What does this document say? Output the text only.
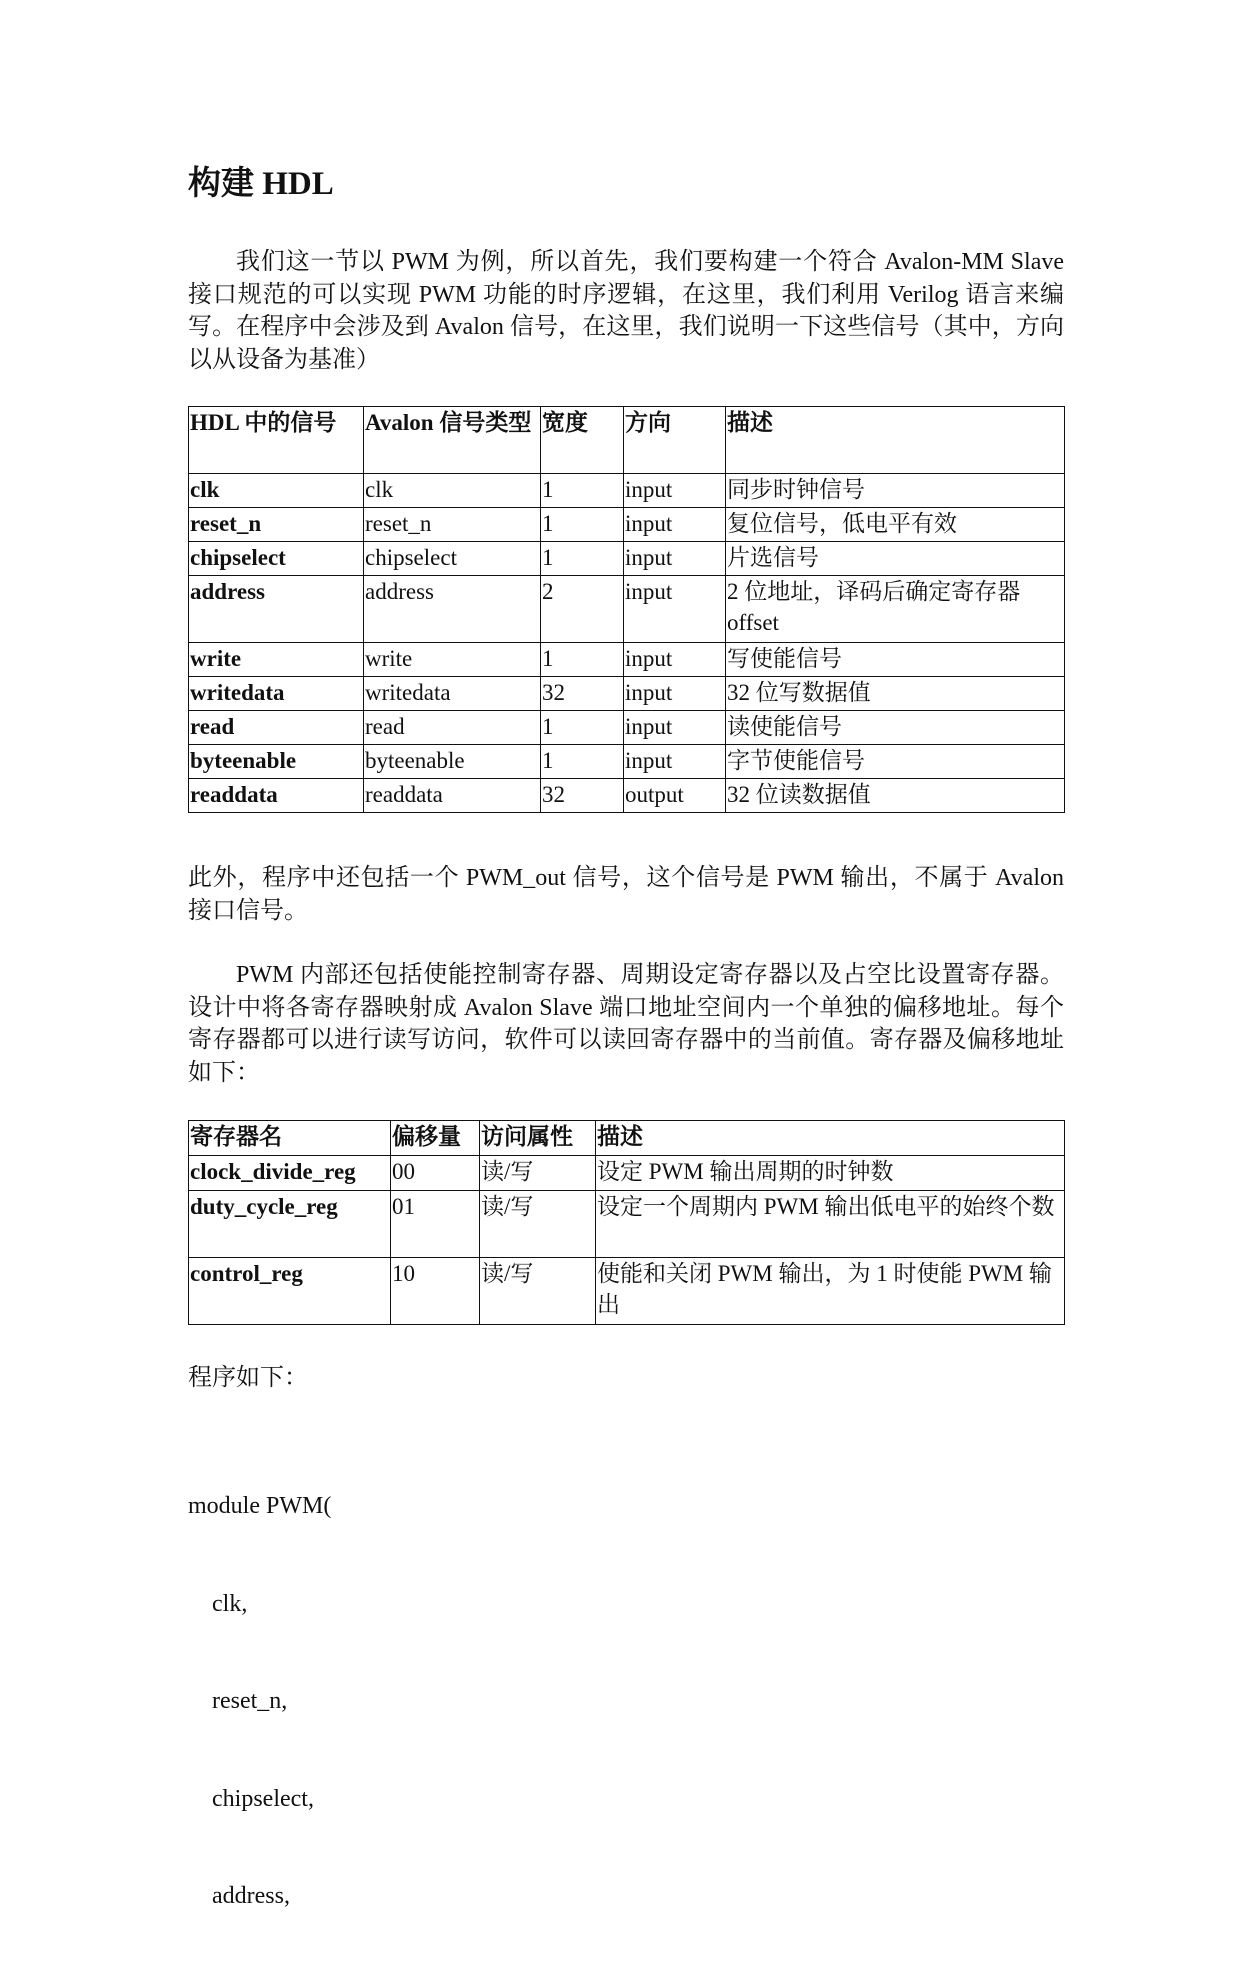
构建 HDL
我们这一节以 PWM 为例，所以首先，我们要构建一个符合 Avalon-MM Slave 接口规范的可以实现 PWM 功能的时序逻辑，在这里，我们利用 Verilog 语言来编写。在程序中会涉及到 Avalon 信号，在这里，我们说明一下这些信号（其中，方向以从设备为基准）
HDL 中的信号	Avalon 信号类型	宽度	方向	描述
clk	clk	1	input	同步时钟信号
reset_n	reset_n	1	input	复位信号，低电平有效
chipselect	chipselect	1	input	片选信号
address	address	2	input	2 位地址，译码后确定寄存器 offset
write	write	1	input	写使能信号
writedata	writedata	32	input	32 位写数据值
read	read	1	input	读使能信号
byteenable	byteenable	1	input	字节使能信号
readdata	readdata	32	output	32 位读数据值
此外，程序中还包括一个 PWM_out 信号，这个信号是 PWM 输出，不属于 Avalon 接口信号。
PWM 内部还包括使能控制寄存器、周期设定寄存器以及占空比设置寄存器。设计中将各寄存器映射成 Avalon Slave 端口地址空间内一个单独的偏移地址。每个寄存器都可以进行读写访问，软件可以读回寄存器中的当前值。寄存器及偏移地址如下：
寄存器名	偏移量	访问属性	描述
clock_divide_reg	00	读/写	设定 PWM 输出周期的时钟数
duty_cycle_reg	01	读/写	设定一个周期内 PWM 输出低电平的始终个数
control_reg	10	读/写	使能和关闭 PWM 输出，为 1 时使能 PWM 输出
程序如下：

module PWM(

clk,

reset_n,

chipselect,

address,
